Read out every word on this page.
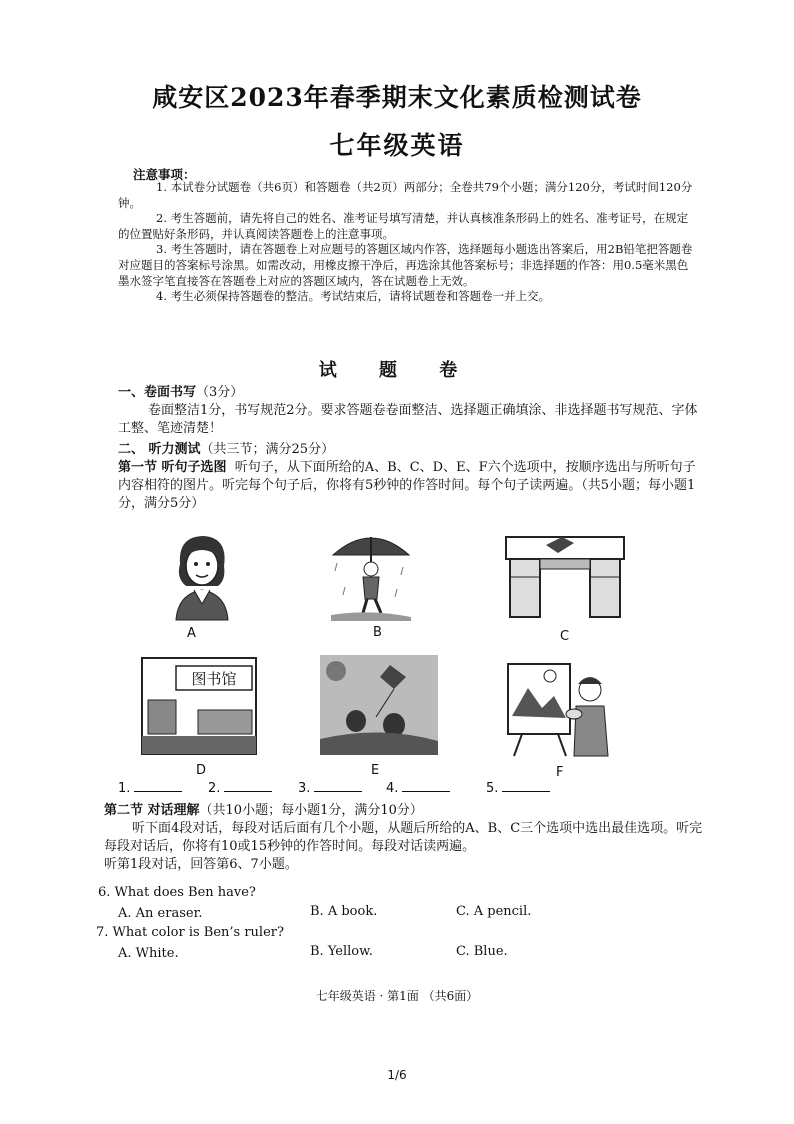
咸安区2023年春季期末文化素质检测试卷
七年级英语
注意事项：

1. 本试卷分试题卷（共6页）和答题卷（共2页）两部分；全卷共79个小题；满分120分，考试时间120分钟。

2. 考生答题前，请先将自己的姓名、准考证号填写清楚，并认真核准条形码上的姓名、准考证号，在规定的位置贴好条形码，并认真阅读答题卷上的注意事项。

3. 考生答题时，请在答题卷上对应题号的答题区域内作答，选择题每小题选出答案后，用2B铅笔把答题卷对应题目的答案标号涂黑。如需改动，用橡皮擦干净后，再选涂其他答案标号；非选择题的作答：用0.5毫米黑色墨水签字笔直接答在答题卷上对应的答题区域内，答在试题卷上无效。

4. 考生必须保持答题卷的整洁。考试结束后，请将试题卷和答题卷一并上交。

试 题 卷

一、卷面书写（3分）

卷面整洁1分，书写规范2分。要求答题卷卷面整洁、选择题正确填涂、非选择题书写规范、字体工整、笔迹清楚！

二、 听力测试（共三节；满分25分）

第一节 听句子选图 听句子，从下面所给的A、B、C、D、E、F六个选项中，按顺序选出与所听句子内容相符的图片。听完每个句子后，你将有5秒钟的作答时间。每个句子读两遍。（共5小题；每小题1分，满分5分）

A	B	C
图书馆
D	E	F
1.	2.	3.	4.	5.

第二节 对话理解（共10小题；每小题1分，满分10分）

听下面4段对话，每段对话后面有几个小题，从题后所给的A、B、C三个选项中选出最佳选项。听完每段对话后，你将有10或15秒钟的作答时间。每段对话读两遍。

听第1段对话，回答第6、7小题。

6. What does Ben have?
A. An eraser.	B. A book.	C. A pencil.
7. What color is Ben’s ruler?
A. White.	B. Yellow.	C. Blue.
七年级英语 · 第1面 （共6面）
1/6
